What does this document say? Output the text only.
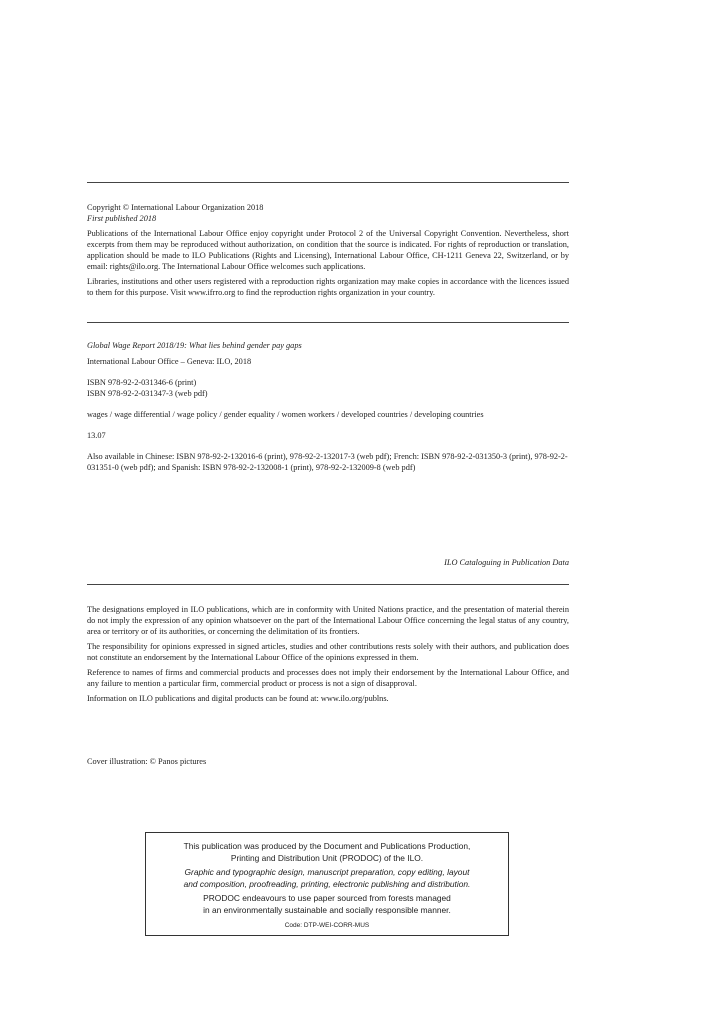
Copyright © International Labour Organization 2018

First published 2018

Publications of the International Labour Office enjoy copyright under Protocol 2 of the Universal Copyright Convention. Nevertheless, short excerpts from them may be reproduced without authorization, on condition that the source is indicated. For rights of reproduction or translation, application should be made to ILO Publications (Rights and Licensing), International Labour Office, CH-1211 Geneva 22, Switzerland, or by email: rights@ilo.org. The International Labour Office welcomes such applications.

Libraries, institutions and other users registered with a reproduction rights organization may make copies in accordance with the licences issued to them for this purpose. Visit www.ifrro.org to find the reproduction rights organization in your country.

Global Wage Report 2018/19: What lies behind gender pay gaps

International Labour Office – Geneva: ILO, 2018

ISBN 978-92-2-031346-6 (print)

ISBN 978-92-2-031347-3 (web pdf)

wages / wage differential / wage policy / gender equality / women workers / developed countries / developing countries

13.07

Also available in Chinese: ISBN 978-92-2-132016-6 (print), 978-92-2-132017-3 (web pdf); French: ISBN 978-92-2-031350-3 (print), 978-92-2-031351-0 (web pdf); and Spanish: ISBN 978-92-2-132008-1 (print), 978-92-2-132009-8 (web pdf)

ILO Cataloguing in Publication Data

The designations employed in ILO publications, which are in conformity with United Nations practice, and the presentation of material therein do not imply the expression of any opinion whatsoever on the part of the International Labour Office concerning the legal status of any country, area or territory or of its authorities, or concerning the delimitation of its frontiers.

The responsibility for opinions expressed in signed articles, studies and other contributions rests solely with their authors, and publication does not constitute an endorsement by the International Labour Office of the opinions expressed in them.

Reference to names of firms and commercial products and processes does not imply their endorsement by the International Labour Office, and any failure to mention a particular firm, commercial product or process is not a sign of disapproval.

Information on ILO publications and digital products can be found at: www.ilo.org/publns.

Cover illustration: © Panos pictures

This publication was produced by the Document and Publications Production,

Printing and Distribution Unit (PRODOC) of the ILO.

Graphic and typographic design, manuscript preparation, copy editing, layout

and composition, proofreading, printing, electronic publishing and distribution.

PRODOC endeavours to use paper sourced from forests managed

in an environmentally sustainable and socially responsible manner.

Code: DTP-WEI-CORR-MUS
